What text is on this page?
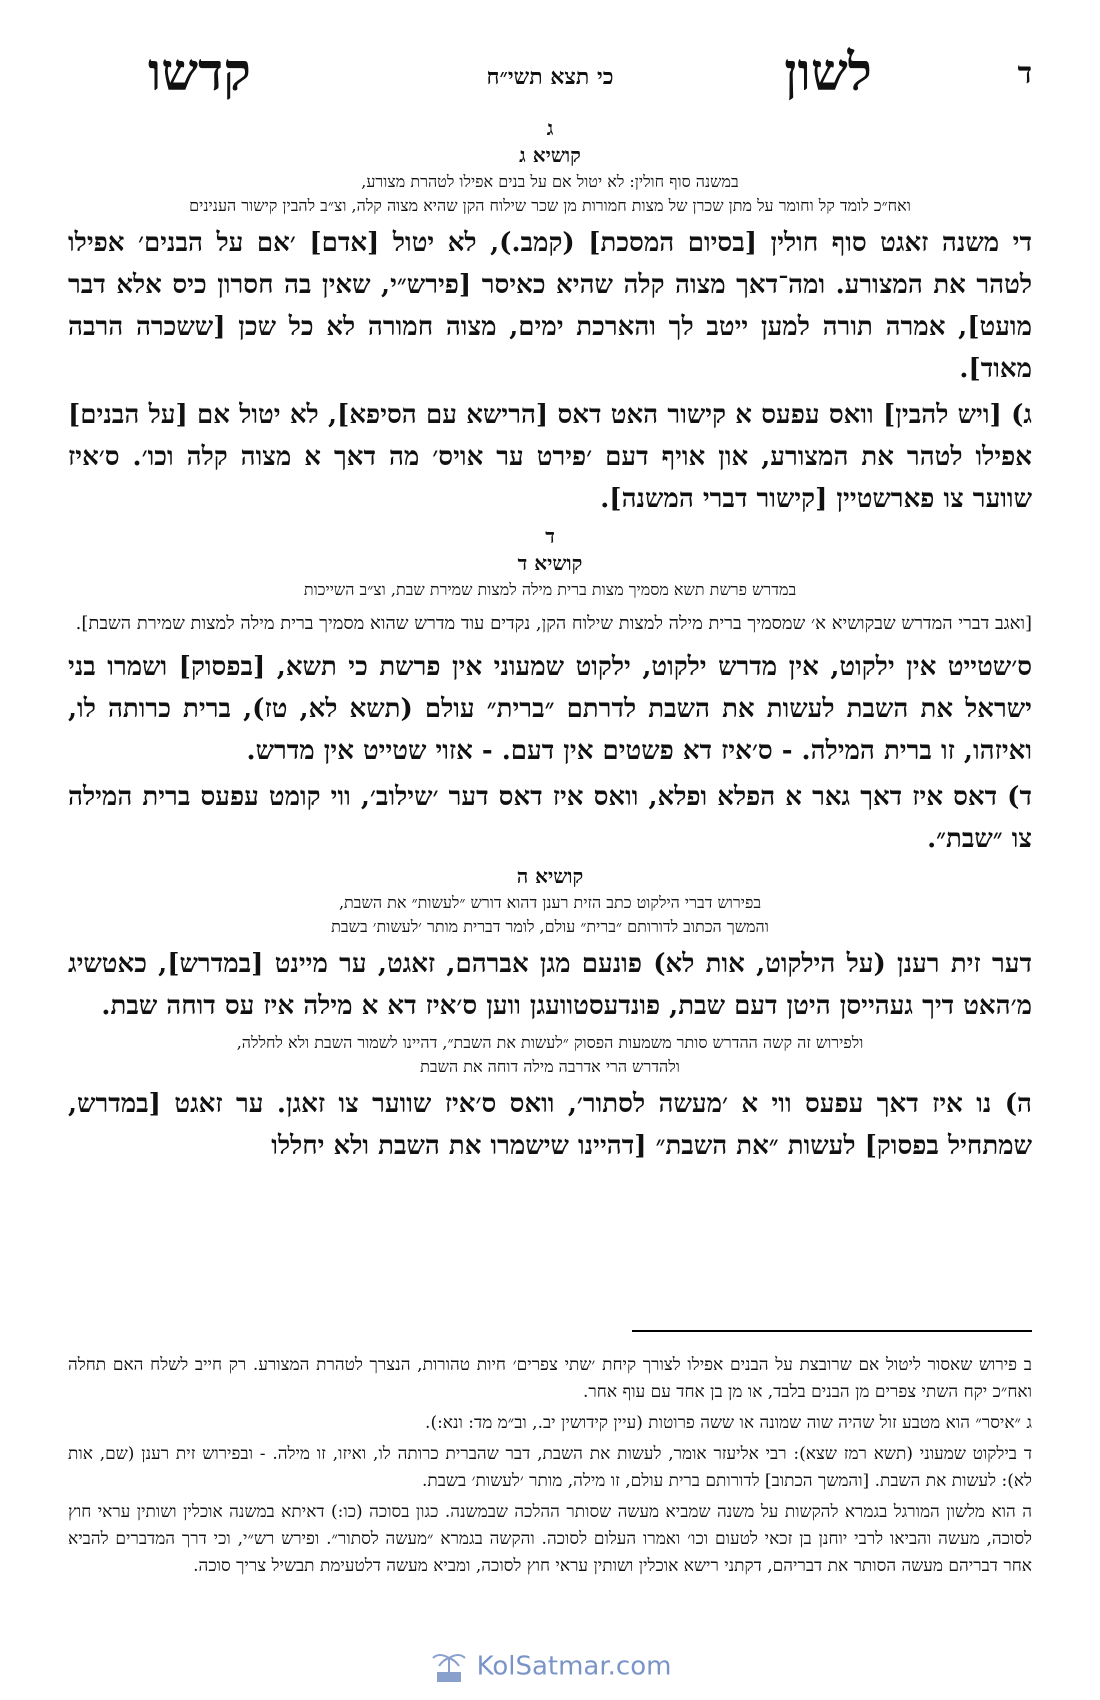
ד
לשון
כי תצא תשי״ח
קדשו

ג

קושיא ג

במשנה סוף חולין: לא יטול אם על בנים אפילו לטהרת מצורע,

ואח״כ לומד קל וחומר על מתן שכרן של מצות חמורות מן שכר שילוח הקן שהיא מצוה קלה, וצ״ב להבין קישור הענינים

די משנה זאגט סוף חולין [בסיום המסכת] (קמב.), לא יטול [אדם] ׳אם על הבנים׳ אפילו לטהר את המצורע. ומה־דאך מצוה קלה שהיא כאיסר [פירש״י, שאין בה חסרון כיס אלא דבר מועט], אמרה תורה למען ייטב לך והארכת ימים, מצוה חמורה לא כל שכן [ששכרה הרבה מאוד].

ג) [ויש להבין] וואס עפעס א קישור האט דאס [הרישא עם הסיפא], לא יטול אם [על הבנים] אפילו לטהר את המצורע, און אויף דעם ׳פירט ער אויס׳ מה דאך א מצוה קלה וכו׳. ס׳איז שווער צו פארשטיין [קישור דברי המשנה].

ד

קושיא ד

במדרש פרשת תשא מסמיך מצות ברית מילה למצות שמירת שבת, וצ״ב השייכות

[ואגב דברי המדרש שבקושיא א׳ שמסמיך ברית מילה למצות שילוח הקן, נקדים עוד מדרש שהוא מסמיך ברית מילה למצות שמירת השבת].

ס׳שטייט אין ילקוט, אין מדרש ילקוט, ילקוט שמעוני אין פרשת כי תשא, [בפסוק] ושמרו בני ישראל את השבת לעשות את השבת לדרתם ״ברית״ עולם (תשא לא, טז), ברית כרותה לו, ואיזהו, זו ברית המילה. - ס׳איז דא פשטים אין דעם. - אזוי שטייט אין מדרש.

ד) דאס איז דאך גאר א הפלא ופלא, וואס איז דאס דער ׳שילוב׳, ווי קומט עפעס ברית המילה צו ״שבת״.

קושיא ה

בפירוש דברי הילקוט כתב הזית רענן דהוא דורש ״לעשות״ את השבת,

והמשך הכתוב לדורותם ״ברית״ עולם, לומר דברית מותר ׳לעשות׳ בשבת

דער זית רענן (על הילקוט, אות לא) פונעם מגן אברהם, זאגט, ער מיינט [במדרש], כאטשיג מ׳האט דיך געהייסן היטן דעם שבת, פונדעסטוועגן ווען ס׳איז דא א מילה איז עס דוחה שבת.

ולפירוש זה קשה ההדרש סותר משמעות הפסוק ״לעשות את השבת״, דהיינו לשמור השבת ולא לחללה,

ולהדרש הרי אדרבה מילה דוחה את השבת

ה) נו איז דאך עפעס ווי א ׳מעשה לסתור׳, וואס ס׳איז שווער צו זאגן. ער זאגט [במדרש, שמתחיל בפסוק] לעשות ״את השבת״ [דהיינו שישמרו את השבת ולא יחללו

ב פירוש שאסור ליטול אם שרובצת על הבנים אפילו לצורך קיחת ׳שתי צפרים׳ חיות טהורות, הנצרך לטהרת המצורע. רק חייב לשלח האם תחלה ואח״כ יקח השתי צפרים מן הבנים בלבד, או מן בן אחד עם עוף אחר.

ג ״איסר״ הוא מטבע זול שהיה שוה שמונה או ששה פרוטות (עיין קידושין יב., וב״מ מד: ונא:).

ד בילקוט שמעוני (תשא רמז שצא): רבי אליעזר אומר, לעשות את השבת, דבר שהברית כרותה לו, ואיזו, זו מילה. - ובפירוש זית רענן (שם, אות לא): לעשות את השבת. [והמשך הכתוב] לדורותם ברית עולם, זו מילה, מותר ׳לעשות׳ בשבת.

ה הוא מלשון המורגל בגמרא להקשות על משנה שמביא מעשה שסותר ההלכה שבמשנה. כגון בסוכה (כו:) דאיתא במשנה אוכלין ושותין עראי חוץ לסוכה, מעשה והביאו לרבי יוחנן בן זכאי לטעום וכו׳ ואמרו העלום לסוכה. והקשה בגמרא ״מעשה לסתור״. ופירש רש״י, וכי דרך המדברים להביא אחר דבריהם מעשה הסותר את דבריהם, דקתני רישא אוכלין ושותין עראי חוץ לסוכה, ומביא מעשה דלטעימת תבשיל צריך סוכה.

KolSatmar.com
